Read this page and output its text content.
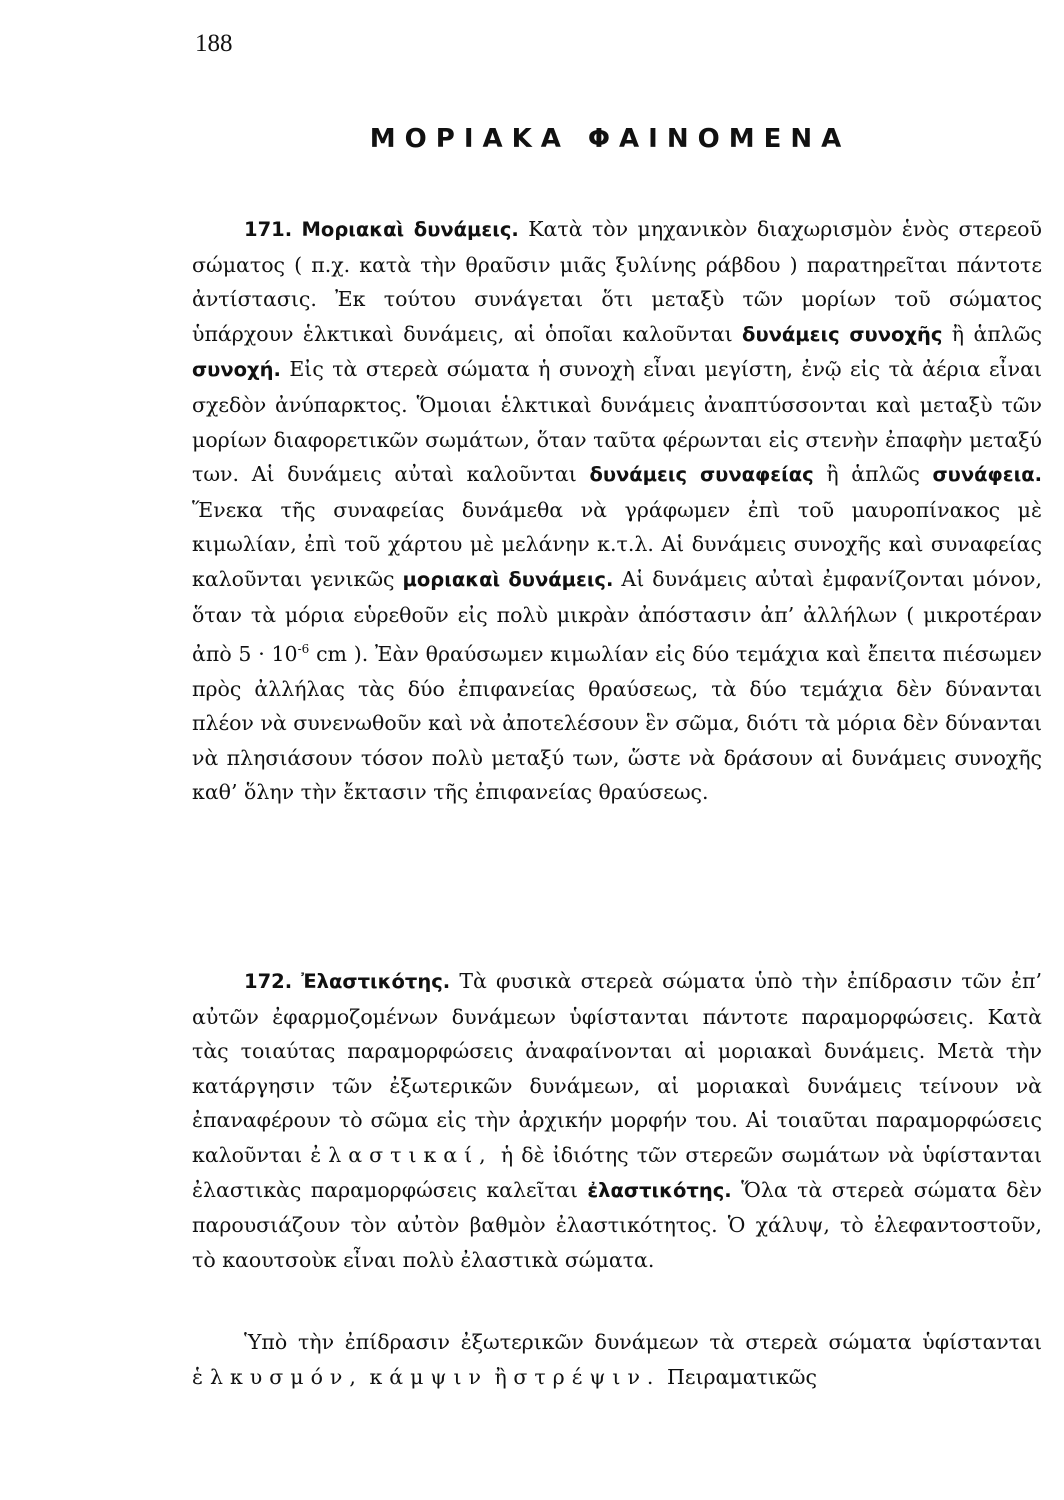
188
ΜΟΡΙΑΚΑ ΦΑΙΝΟΜΕΝΑ
171. Μοριακαὶ δυνάμεις. Κατὰ τὸν μηχανικὸν διαχωρισμὸν ἑνὸς στερεοῦ σώματος ( π.χ. κατὰ τὴν θραῦσιν μιᾶς ξυλίνης ράβδου ) παρατηρεῖται πάντοτε ἀντίστασις. Ἐκ τούτου συνάγεται ὅτι μεταξὺ τῶν μορίων τοῦ σώματος ὑπάρχουν ἑλκτικαὶ δυνάμεις, αἱ ὁποῖαι καλοῦνται δυνάμεις συνοχῆς ἢ ἁπλῶς συνοχή. Εἰς τὰ στερεὰ σώματα ἡ συνοχὴ εἶναι μεγίστη, ἐνῷ εἰς τὰ ἀέρια εἶναι σχεδὸν ἀνύπαρκτος. Ὅμοιαι ἑλκτικαὶ δυνάμεις ἀναπτύσσονται καὶ μεταξὺ τῶν μορίων διαφορετικῶν σωμάτων, ὅταν ταῦτα φέρωνται εἰς στενὴν ἐπαφὴν μεταξύ των. Αἱ δυνάμεις αὐταὶ καλοῦνται δυνάμεις συναφείας ἢ ἁπλῶς συνάφεια. Ἕνεκα τῆς συναφείας δυνάμεθα νὰ γράφωμεν ἐπὶ τοῦ μαυροπίνακος μὲ κιμωλίαν, ἐπὶ τοῦ χάρτου μὲ μελάνην κ.τ.λ. Αἱ δυνάμεις συνοχῆς καὶ συναφείας καλοῦνται γενικῶς μοριακαὶ δυνάμεις. Αἱ δυνάμεις αὐταὶ ἐμφανίζονται μόνον, ὅταν τὰ μόρια εὑρεθοῦν εἰς πολὺ μικρὰν ἀπόστασιν ἀπ’ ἀλλήλων ( μικροτέραν ἀπὸ $5 \cdot 10^{-6}$ cm ). Ἐὰν θραύσωμεν κιμωλίαν εἰς δύο τεμάχια καὶ ἔπειτα πιέσωμεν πρὸς ἀλλήλας τὰς δύο ἐπιφανείας θραύσεως, τὰ δύο τεμάχια δὲν δύνανται πλέον νὰ συνενωθοῦν καὶ νὰ ἀποτελέσουν ἓν σῶμα, διότι τὰ μόρια δὲν δύνανται νὰ πλησιάσουν τόσον πολὺ μεταξύ των, ὥστε νὰ δράσουν αἱ δυνάμεις συνοχῆς καθ’ ὅλην τὴν ἔκτασιν τῆς ἐπιφανείας θραύσεως.
172. Ἐλαστικότης. Τὰ φυσικὰ στερεὰ σώματα ὑπὸ τὴν ἐπίδρασιν τῶν ἐπ’ αὐτῶν ἐφαρμοζομένων δυνάμεων ὑφίστανται πάντοτε παραμορφώσεις. Κατὰ τὰς τοιαύτας παραμορφώσεις ἀναφαίνονται αἱ μοριακαὶ δυνάμεις. Μετὰ τὴν κατάργησιν τῶν ἐξωτερικῶν δυνάμεων, αἱ μοριακαὶ δυνάμεις τείνουν νὰ ἐπαναφέρουν τὸ σῶμα εἰς τὴν ἀρχικήν μορφήν του. Αἱ τοιαῦται παραμορφώσεις καλοῦνται ἐλαστικαί, ἡ δὲ ἰδιότης τῶν στερεῶν σωμάτων νὰ ὑφίστανται ἐλαστικὰς παραμορφώσεις καλεῖται ἐλαστικότης. Ὅλα τὰ στερεὰ σώματα δὲν παρουσιάζουν τὸν αὐτὸν βαθμὸν ἐλαστικότητος. Ὁ χάλυψ, τὸ ἐλεφαντοστοῦν, τὸ καουτσοὺκ εἶναι πολὺ ἐλαστικὰ σώματα.
Ὑπὸ τὴν ἐπίδρασιν ἐξωτερικῶν δυνάμεων τὰ στερεὰ σώματα ὑφίστανται ἑλκυσμόν, κάμψιν ἢ στρέψιν. Πειραματικῶς
